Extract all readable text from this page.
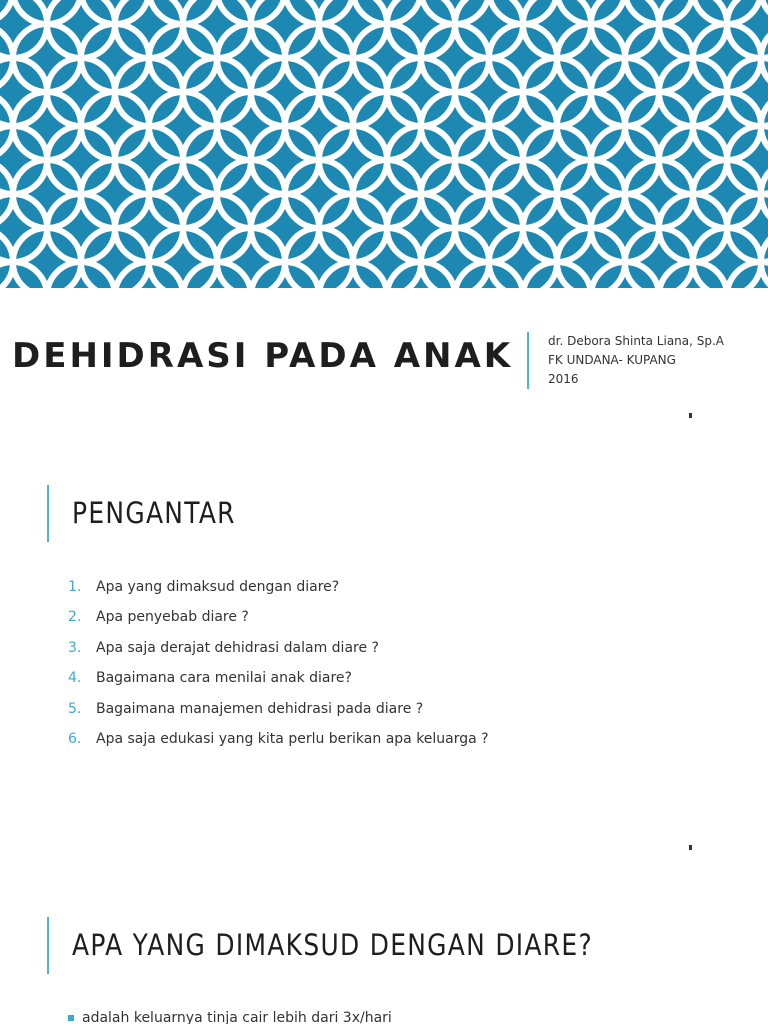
DEHIDRASI PADA ANAK	dr. Debora Shinta Liana, Sp.A
FK UNDANA- KUPANG
2016
PENGANTAR
1. Apa yang dimaksud dengan diare?
2. Apa penyebab diare ?
3. Apa saja derajat dehidrasi dalam diare ?
4. Bagaimana cara menilai anak diare?
5. Bagaimana manajemen dehidrasi pada diare ?
6. Apa saja edukasi yang kita perlu berikan apa keluarga ?
APA YANG DIMAKSUD DENGAN DIARE?
adalah keluarnya tinja cair lebih dari 3x/hari
